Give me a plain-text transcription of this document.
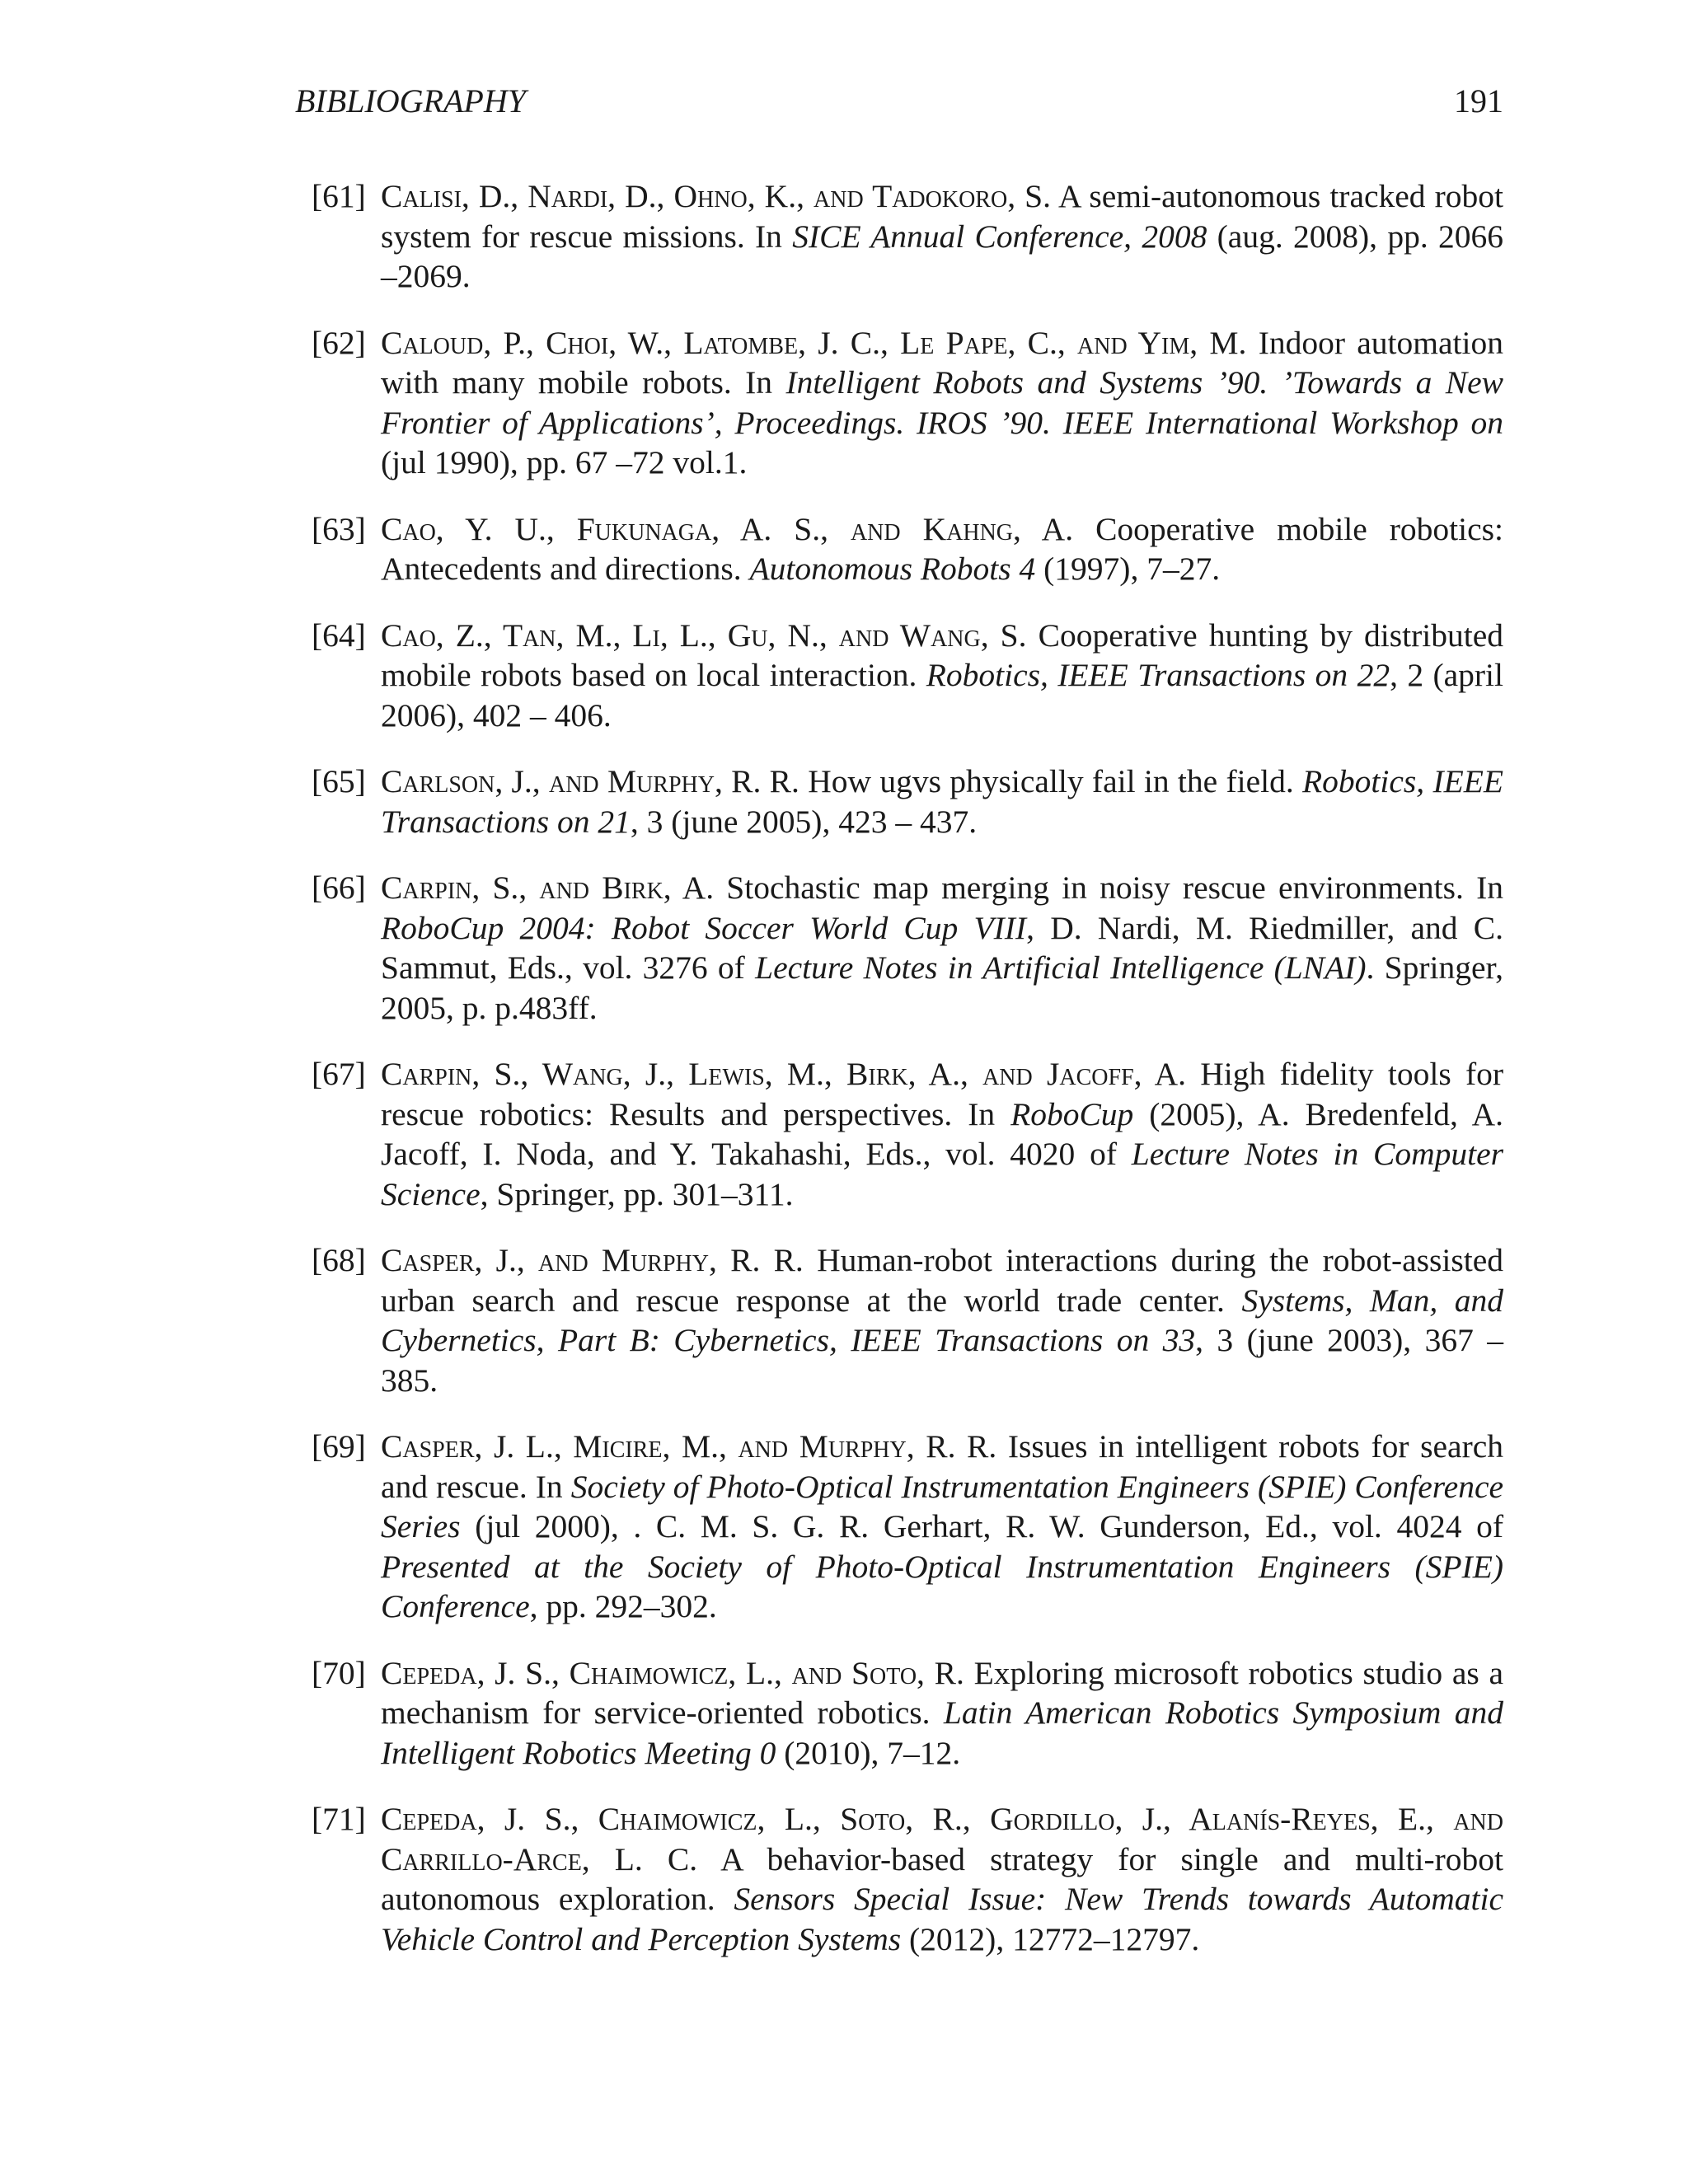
BIBLIOGRAPHY	191
[61] Calisi, D., Nardi, D., Ohno, K., and Tadokoro, S. A semi-autonomous tracked robot system for rescue missions. In SICE Annual Conference, 2008 (aug. 2008), pp. 2066 –2069.
[62] Caloud, P., Choi, W., Latombe, J. C., Le Pape, C., and Yim, M. Indoor automation with many mobile robots. In Intelligent Robots and Systems ’90. ’Towards a New Frontier of Applications’, Proceedings. IROS ’90. IEEE International Workshop on (jul 1990), pp. 67 –72 vol.1.
[63] Cao, Y. U., Fukunaga, A. S., and Kahng, A. Cooperative mobile robotics: Antecedents and directions. Autonomous Robots 4 (1997), 7–27.
[64] Cao, Z., Tan, M., Li, L., Gu, N., and Wang, S. Cooperative hunting by distributed mobile robots based on local interaction. Robotics, IEEE Transactions on 22, 2 (april 2006), 402 – 406.
[65] Carlson, J., and Murphy, R. R. How ugvs physically fail in the field. Robotics, IEEE Transactions on 21, 3 (june 2005), 423 – 437.
[66] Carpin, S., and Birk, A. Stochastic map merging in noisy rescue environments. In RoboCup 2004: Robot Soccer World Cup VIII, D. Nardi, M. Riedmiller, and C. Sammut, Eds., vol. 3276 of Lecture Notes in Artificial Intelligence (LNAI). Springer, 2005, p. p.483ff.
[67] Carpin, S., Wang, J., Lewis, M., Birk, A., and Jacoff, A. High fidelity tools for rescue robotics: Results and perspectives. In RoboCup (2005), A. Bredenfeld, A. Jacoff, I. Noda, and Y. Takahashi, Eds., vol. 4020 of Lecture Notes in Computer Science, Springer, pp. 301–311.
[68] Casper, J., and Murphy, R. R. Human-robot interactions during the robot-assisted urban search and rescue response at the world trade center. Systems, Man, and Cybernetics, Part B: Cybernetics, IEEE Transactions on 33, 3 (june 2003), 367 – 385.
[69] Casper, J. L., Micire, M., and Murphy, R. R. Issues in intelligent robots for search and rescue. In Society of Photo-Optical Instrumentation Engineers (SPIE) Conference Series (jul 2000), . C. M. S. G. R. Gerhart, R. W. Gunderson, Ed., vol. 4024 of Presented at the Society of Photo-Optical Instrumentation Engineers (SPIE) Conference, pp. 292–302.
[70] Cepeda, J. S., Chaimowicz, L., and Soto, R. Exploring microsoft robotics studio as a mechanism for service-oriented robotics. Latin American Robotics Symposium and Intelligent Robotics Meeting 0 (2010), 7–12.
[71] Cepeda, J. S., Chaimowicz, L., Soto, R., Gordillo, J., Alanís-Reyes, E., and Carrillo-Arce, L. C. A behavior-based strategy for single and multi-robot autonomous exploration. Sensors Special Issue: New Trends towards Automatic Vehicle Control and Perception Systems (2012), 12772–12797.
